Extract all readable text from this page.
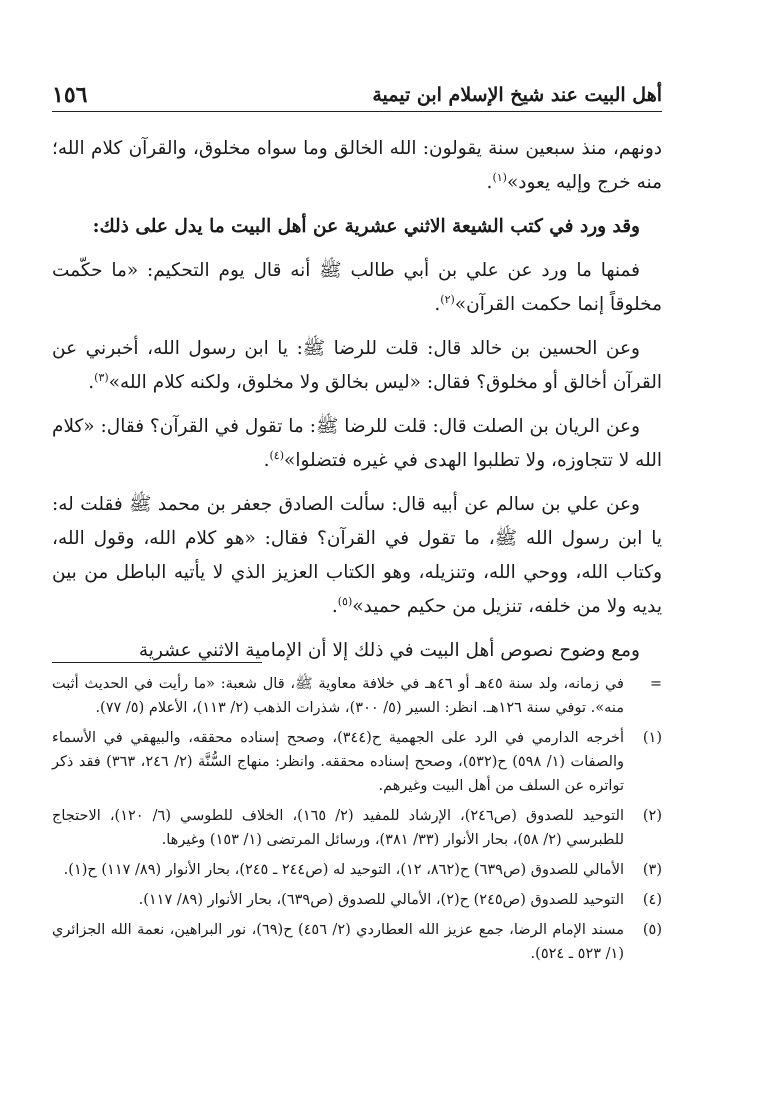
١٥٦	أهل البيت عند شيخ الإسلام ابن تيمية

دونهم، منذ سبعين سنة يقولون: الله الخالق وما سواه مخلوق، والقرآن كلام الله؛ منه خرج وإليه يعود»$^{(١)}$.

وقد ورد في كتب الشيعة الاثني عشرية عن أهل البيت ما يدل على ذلك:

فمنها ما ورد عن علي بن أبي طالب ﷺ أنه قال يوم التحكيم: «ما حكّمت مخلوقاً إنما حكمت القرآن»$^{(٢)}$.

وعن الحسين بن خالد قال: قلت للرضا ﷺ: يا ابن رسول الله، أخبرني عن القرآن أخالق أو مخلوق؟ فقال: «ليس بخالق ولا مخلوق، ولكنه كلام الله»$^{(٣)}$.

وعن الريان بن الصلت قال: قلت للرضا ﷺ: ما تقول في القرآن؟ فقال: «كلام الله لا تتجاوزه، ولا تطلبوا الهدى في غيره فتضلوا»$^{(٤)}$.

وعن علي بن سالم عن أبيه قال: سألت الصادق جعفر بن محمد ﷺ فقلت له: يا ابن رسول الله ﷺ، ما تقول في القرآن؟ فقال: «هو كلام الله، وقول الله، وكتاب الله، ووحي الله، وتنزيله، وهو الكتاب العزيز الذي لا يأتيه الباطل من بين يديه ولا من خلفه، تنزيل من حكيم حميد»$^{(٥)}$.

ومع وضوح نصوص أهل البيت في ذلك إلا أن الإمامية الاثني عشرية

=
في زمانه، ولد سنة ٤٥هـ أو ٤٦هـ في خلافة معاوية ﷺ، قال شعبة: «ما رأيت في الحديث أثبت منه». توفي سنة ١٢٦هـ. انظر: السير (٥/ ٣٠٠)، شذرات الذهب (٢/ ١١٣)، الأعلام (٥/ ٧٧).
(١)
أخرجه الدارمي في الرد على الجهمية ح(٣٤٤)، وصحح إسناده محققه، والبيهقي في الأسماء والصفات (١/ ٥٩٨) ح(٥٣٢)، وصحح إسناده محققه. وانظر: منهاج السُّنَّة (٢/ ٢٤٦، ٣٦٣) فقد ذكر تواتره عن السلف من أهل البيت وغيرهم.
(٢)
التوحيد للصدوق (ص٢٤٦)، الإرشاد للمفيد (٢/ ١٦٥)، الخلاف للطوسي (٦/ ١٢٠)، الاحتجاج للطبرسي (٢/ ٥٨)، بحار الأنوار (٣٣/ ٣٨١)، ورسائل المرتضى (١/ ١٥٣) وغيرها.
(٣)
الأمالي للصدوق (ص٦٣٩) ح(٨٦٢، ١٢)، التوحيد له (ص٢٤٤ ـ ٢٤٥)، بحار الأنوار (٨٩/ ١١٧) ح(١).
(٤)
التوحيد للصدوق (ص٢٤٥) ح(٢)، الأمالي للصدوق (ص٦٣٩)، بحار الأنوار (٨٩/ ١١٧).
(٥)
مسند الإمام الرضا، جمع عزيز الله العطاردي (٢/ ٤٥٦) ح(٦٩)، نور البراهين، نعمة الله الجزائري (١/ ٥٢٣ ـ ٥٢٤).
